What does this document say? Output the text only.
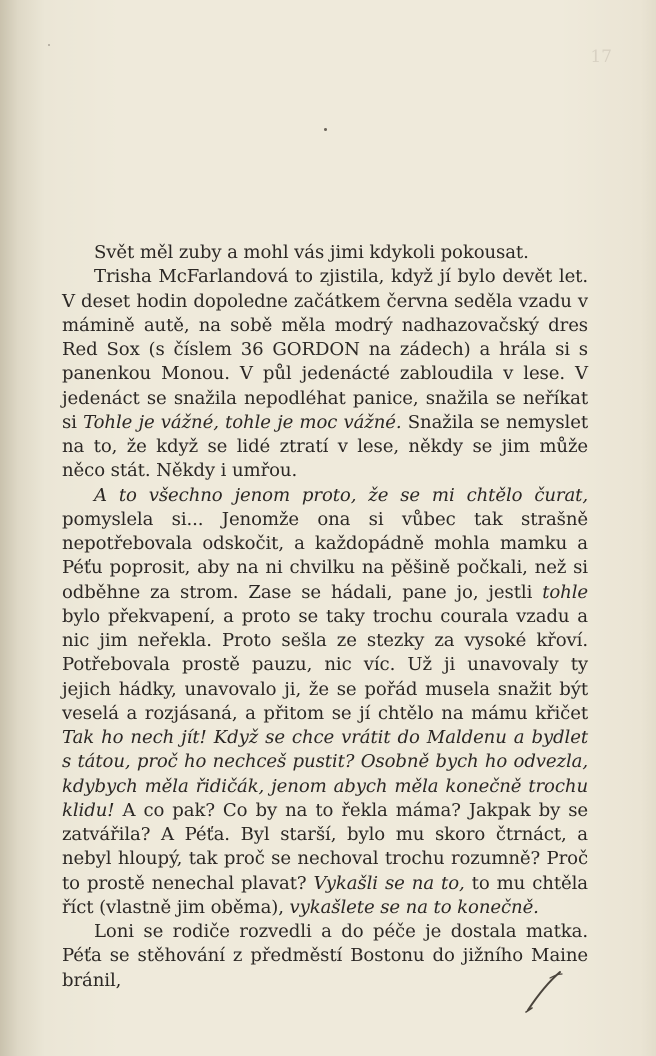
17

Svět měl zuby a mohl vás jimi kdykoli pokousat.

Trisha McFarlandová to zjistila, když jí bylo devět let. V deset hodin dopoledne začátkem června seděla vzadu v mámině autě, na sobě měla modrý nadhazovačský dres Red Sox (s číslem 36 GORDON na zádech) a hrála si s panenkou Monou. V půl jedenácté zabloudila v lese. V jedenáct se snažila nepodléhat panice, snažila se neříkat si Tohle je vážné, tohle je moc vážné. Snažila se nemyslet na to, že když se lidé ztratí v lese, někdy se jim může něco stát. Někdy i umřou.

A to všechno jenom proto, že se mi chtělo čurat, pomyslela si... Jenomže ona si vůbec tak strašně nepotřebovala odskočit, a každopádně mohla mamku a Péťu poprosit, aby na ni chvilku na pěšině počkali, než si odběhne za strom. Zase se hádali, pane jo, jestli tohle bylo překvapení, a proto se taky trochu courala vzadu a nic jim neřekla. Proto sešla ze stezky za vysoké křoví. Potřebovala prostě pauzu, nic víc. Už ji unavovaly ty jejich hádky, unavovalo ji, že se pořád musela snažit být veselá a rozjásaná, a přitom se jí chtělo na mámu křičet Tak ho nech jít! Když se chce vrátit do Maldenu a bydlet s tátou, proč ho nechceš pustit? Osobně bych ho odvezla, kdybych měla řidičák, jenom abych měla konečně trochu klidu! A co pak? Co by na to řekla máma? Jakpak by se zatvářila? A Péťa. Byl starší, bylo mu skoro čtrnáct, a nebyl hloupý, tak proč se nechoval trochu rozumně? Proč to prostě nenechal plavat? Vykašli se na to, to mu chtěla říct (vlastně jim oběma), vykašlete se na to konečně.

Loni se rodiče rozvedli a do péče je dostala matka. Péťa se stěhování z předměstí Bostonu do jižního Maine bránil,
